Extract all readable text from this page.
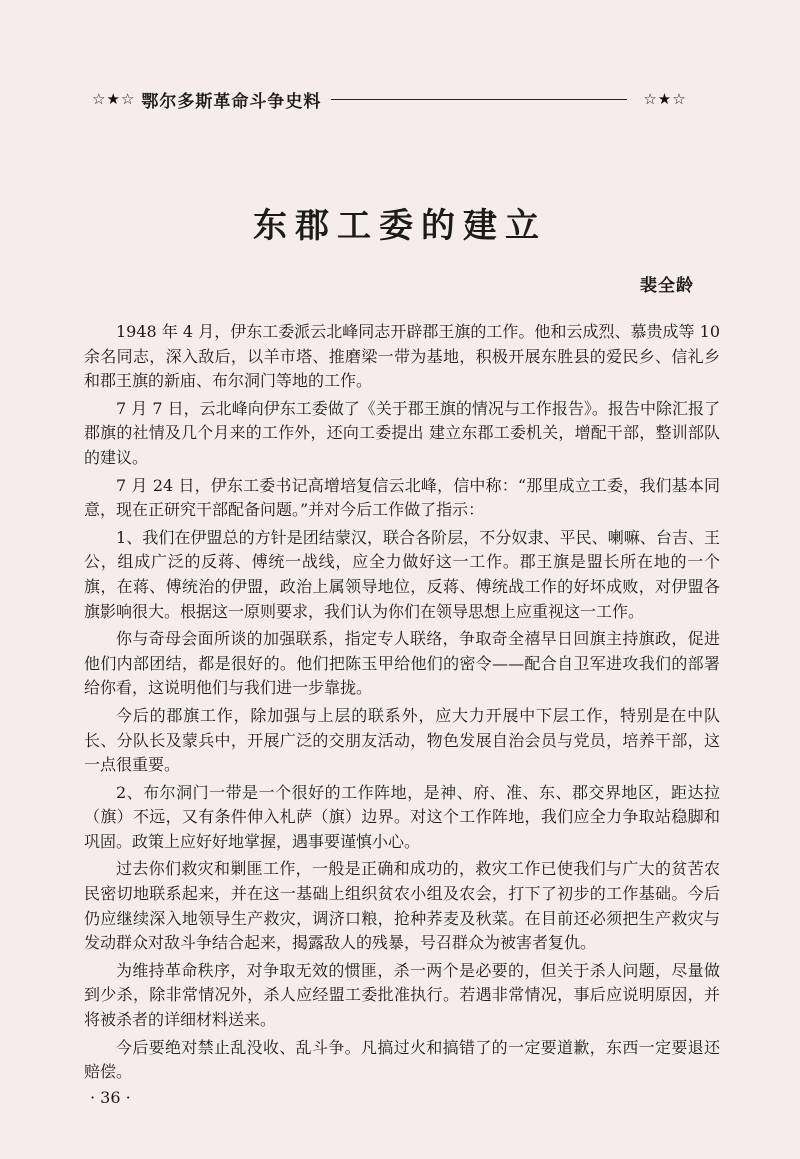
☆★☆ 鄂尔多斯革命斗争史料	☆★☆
东郡工委的建立
裴全龄

1948 年 4 月，伊东工委派云北峰同志开辟郡王旗的工作。他和云成烈、慕贵成等 10 余名同志，深入敌后，以羊市塔、推磨梁一带为基地，积极开展东胜县的爱民乡、信礼乡和郡王旗的新庙、布尔洞门等地的工作。

7 月 7 日，云北峰向伊东工委做了《关于郡王旗的情况与工作报告》。报告中除汇报了郡旗的社情及几个月来的工作外，还向工委提出 建立东郡工委机关，增配干部，整训部队的建议。

7 月 24 日，伊东工委书记高增培复信云北峰，信中称：“那里成立工委，我们基本同意，现在正研究干部配备问题。”并对今后工作做了指示：

1、我们在伊盟总的方针是团结蒙汉，联合各阶层，不分奴隶、平民、喇嘛、台吉、王公，组成广泛的反蒋、傅统一战线，应全力做好这一工作。郡王旗是盟长所在地的一个旗，在蒋、傅统治的伊盟，政治上属领导地位，反蒋、傅统战工作的好坏成败，对伊盟各旗影响很大。根据这一原则要求，我们认为你们在领导思想上应重视这一工作。

你与奇母会面所谈的加强联系，指定专人联络，争取奇全禧早日回旗主持旗政，促进他们内部团结，都是很好的。他们把陈玉甲给他们的密令——配合自卫军进攻我们的部署给你看，这说明他们与我们进一步靠拢。

今后的郡旗工作，除加强与上层的联系外，应大力开展中下层工作，特别是在中队长、分队长及蒙兵中，开展广泛的交朋友活动，物色发展自治会员与党员，培养干部，这一点很重要。

2、布尔洞门一带是一个很好的工作阵地，是神、府、准、东、郡交界地区，距达拉（旗）不远，又有条件伸入札萨（旗）边界。对这个工作阵地，我们应全力争取站稳脚和巩固。政策上应好好地掌握，遇事要谨慎小心。

过去你们救灾和剿匪工作，一般是正确和成功的，救灾工作已使我们与广大的贫苦农民密切地联系起来，并在这一基础上组织贫农小组及农会，打下了初步的工作基础。今后仍应继续深入地领导生产救灾，调济口粮，抢种荞麦及秋菜。在目前还必须把生产救灾与发动群众对敌斗争结合起来，揭露敌人的残暴，号召群众为被害者复仇。

为维持革命秩序，对争取无效的惯匪，杀一两个是必要的，但关于杀人问题，尽量做到少杀，除非常情况外，杀人应经盟工委批准执行。若遇非常情况，事后应说明原因，并将被杀者的详细材料送来。

今后要绝对禁止乱没收、乱斗争。凡搞过火和搞错了的一定要道歉，东西一定要退还赔偿。

· 36 ·
